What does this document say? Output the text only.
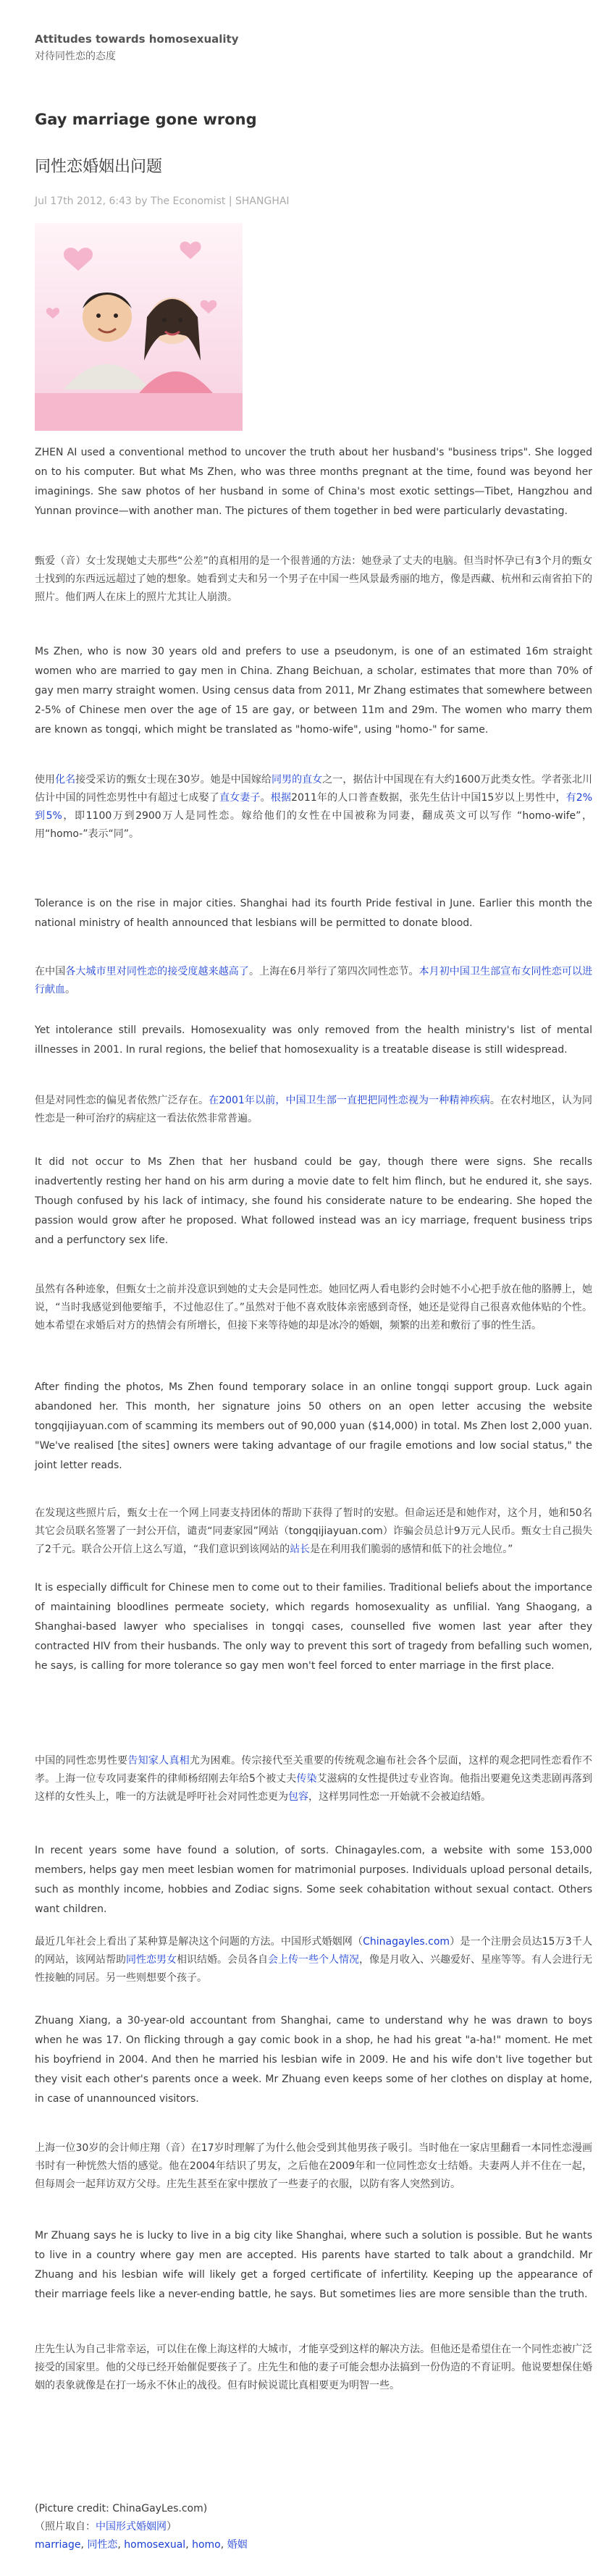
Attitudes towards homosexuality
对待同性恋的态度
Gay marriage gone wrong
同性恋婚姻出问题
Jul 17th 2012, 6:43 by The Economist | SHANGHAI
ZHEN AI used a conventional method to uncover the truth about her husband's "business trips". She logged on to his computer. But what Ms Zhen, who was three months pregnant at the time, found was beyond her imaginings. She saw photos of her husband in some of China's most exotic settings—Tibet, Hangzhou and Yunnan province—with another man. The pictures of them together in bed were particularly devastating.
甄爱（音）女士发现她丈夫那些“公差”的真相用的是一个很普通的方法：她登录了丈夫的电脑。但当时怀孕已有3个月的甄女士找到的东西远远超过了她的想象。她看到丈夫和另一个男子在中国一些风景最秀丽的地方，像是西藏、杭州和云南省拍下的照片。他们两人在床上的照片尤其让人崩溃。
Ms Zhen, who is now 30 years old and prefers to use a pseudonym, is one of an estimated 16m straight women who are married to gay men in China. Zhang Beichuan, a scholar, estimates that more than 70% of gay men marry straight women. Using census data from 2011, Mr Zhang estimates that somewhere between 2-5% of Chinese men over the age of 15 are gay, or between 11m and 29m. The women who marry them are known as tongqi, which might be translated as "homo-wife", using "homo-" for same.
使用化名接受采访的甄女士现在30岁。她是中国嫁给同男的直女之一，据估计中国现在有大约1600万此类女性。学者张北川估计中国的同性恋男性中有超过七成娶了直女妻子。根据2011年的人口普查数据，张先生估计中国15岁以上男性中，有2%到5%，即1100万到2900万人是同性恋。嫁给他们的女性在中国被称为同妻，翻成英文可以写作 “homo-wife”，用“homo-”表示“同”。
Tolerance is on the rise in major cities. Shanghai had its fourth Pride festival in June. Earlier this month the national ministry of health announced that lesbians will be permitted to donate blood.
在中国各大城市里对同性恋的接受度越来越高了。上海在6月举行了第四次同性恋节。本月初中国卫生部宣布女同性恋可以进行献血。
Yet intolerance still prevails. Homosexuality was only removed from the health ministry's list of mental illnesses in 2001. In rural regions, the belief that homosexuality is a treatable disease is still widespread.
但是对同性恋的偏见者依然广泛存在。在2001年以前，中国卫生部一直把把同性恋视为一种精神疾病。在农村地区，认为同性恋是一种可治疗的病症这一看法依然非常普遍。
It did not occur to Ms Zhen that her husband could be gay, though there were signs. She recalls inadvertently resting her hand on his arm during a movie date to felt him flinch, but he endured it, she says. Though confused by his lack of intimacy, she found his considerate nature to be endearing. She hoped the passion would grow after he proposed. What followed instead was an icy marriage, frequent business trips and a perfunctory sex life.
虽然有各种迹象，但甄女士之前并没意识到她的丈夫会是同性恋。她回忆两人看电影约会时她不小心把手放在他的胳膊上，她说，“当时我感觉到他要缩手，不过他忍住了。”虽然对于他不喜欢肢体亲密感到奇怪，她还是觉得自己很喜欢他体贴的个性。她本希望在求婚后对方的热情会有所增长，但接下来等待她的却是冰冷的婚姻，频繁的出差和敷衍了事的性生活。
After finding the photos, Ms Zhen found temporary solace in an online tongqi support group. Luck again abandoned her. This month, her signature joins 50 others on an open letter accusing the website tongqijiayuan.com of scamming its members out of 90,000 yuan ($14,000) in total. Ms Zhen lost 2,000 yuan. "We've realised [the sites] owners were taking advantage of our fragile emotions and low social status," the joint letter reads.
在发现这些照片后，甄女士在一个网上同妻支持团体的帮助下获得了暂时的安慰。但命运还是和她作对，这个月，她和50名其它会员联名签署了一封公开信，谴责“同妻家园”网站（tongqijiayuan.com）诈骗会员总计9万元人民币。甄女士自己损失了2千元。联合公开信上这么写道，“我们意识到该网站的站长是在利用我们脆弱的感情和低下的社会地位。”
It is especially difficult for Chinese men to come out to their families. Traditional beliefs about the importance of maintaining bloodlines permeate society, which regards homosexuality as unfilial. Yang Shaogang, a Shanghai-based lawyer who specialises in tongqi cases, counselled five women last year after they contracted HIV from their husbands. The only way to prevent this sort of tragedy from befalling such women, he says, is calling for more tolerance so gay men won't feel forced to enter marriage in the first place.
中国的同性恋男性要告知家人真相尤为困难。传宗接代至关重要的传统观念遍布社会各个层面，这样的观念把同性恋看作不孝。上海一位专攻同妻案件的律师杨绍刚去年给5个被丈夫传染艾滋病的女性提供过专业咨询。他指出要避免这类悲剧再落到这样的女性头上，唯一的方法就是呼吁社会对同性恋更为包容，这样男同性恋一开始就不会被迫结婚。
In recent years some have found a solution, of sorts. Chinagayles.com, a website with some 153,000 members, helps gay men meet lesbian women for matrimonial purposes. Individuals upload personal details, such as monthly income, hobbies and Zodiac signs. Some seek cohabitation without sexual contact. Others want children.
最近几年社会上看出了某种算是解决这个问题的方法。中国形式婚姻网（Chinagayles.com）是一个注册会员达15万3千人的网站，该网站帮助同性恋男女相识结婚。会员各自会上传一些个人情况，像是月收入、兴趣爱好、星座等等。有人会进行无性接触的同居。另一些则想要个孩子。
Zhuang Xiang, a 30-year-old accountant from Shanghai, came to understand why he was drawn to boys when he was 17. On flicking through a gay comic book in a shop, he had his great "a-ha!" moment. He met his boyfriend in 2004. And then he married his lesbian wife in 2009. He and his wife don't live together but they visit each other's parents once a week. Mr Zhuang even keeps some of her clothes on display at home, in case of unannounced visitors.
上海一位30岁的会计师庄翔（音）在17岁时理解了为什么他会受到其他男孩子吸引。当时他在一家店里翻看一本同性恋漫画书时有一种恍然大悟的感觉。他在2004年结识了男友，之后他在2009年和一位同性恋女士结婚。夫妻两人并不住在一起，但每周会一起拜访双方父母。庄先生甚至在家中摆放了一些妻子的衣服，以防有客人突然到访。
Mr Zhuang says he is lucky to live in a big city like Shanghai, where such a solution is possible. But he wants to live in a country where gay men are accepted. His parents have started to talk about a grandchild. Mr Zhuang and his lesbian wife will likely get a forged certificate of infertility. Keeping up the appearance of their marriage feels like a never-ending battle, he says. But sometimes lies are more sensible than the truth.
庄先生认为自己非常幸运，可以住在像上海这样的大城市，才能享受到这样的解决方法。但他还是希望住在一个同性恋被广泛接受的国家里。他的父母已经开始催促要孩子了。庄先生和他的妻子可能会想办法搞到一份伪造的不育证明。他说要想保住婚姻的表象就像是在打一场永不休止的战役。但有时候说谎比真相要更为明智一些。
(Picture credit: ChinaGayLes.com)
（照片取自：中国形式婚姻网）
marriage, 同性恋, homosexual, homo, 婚姻
